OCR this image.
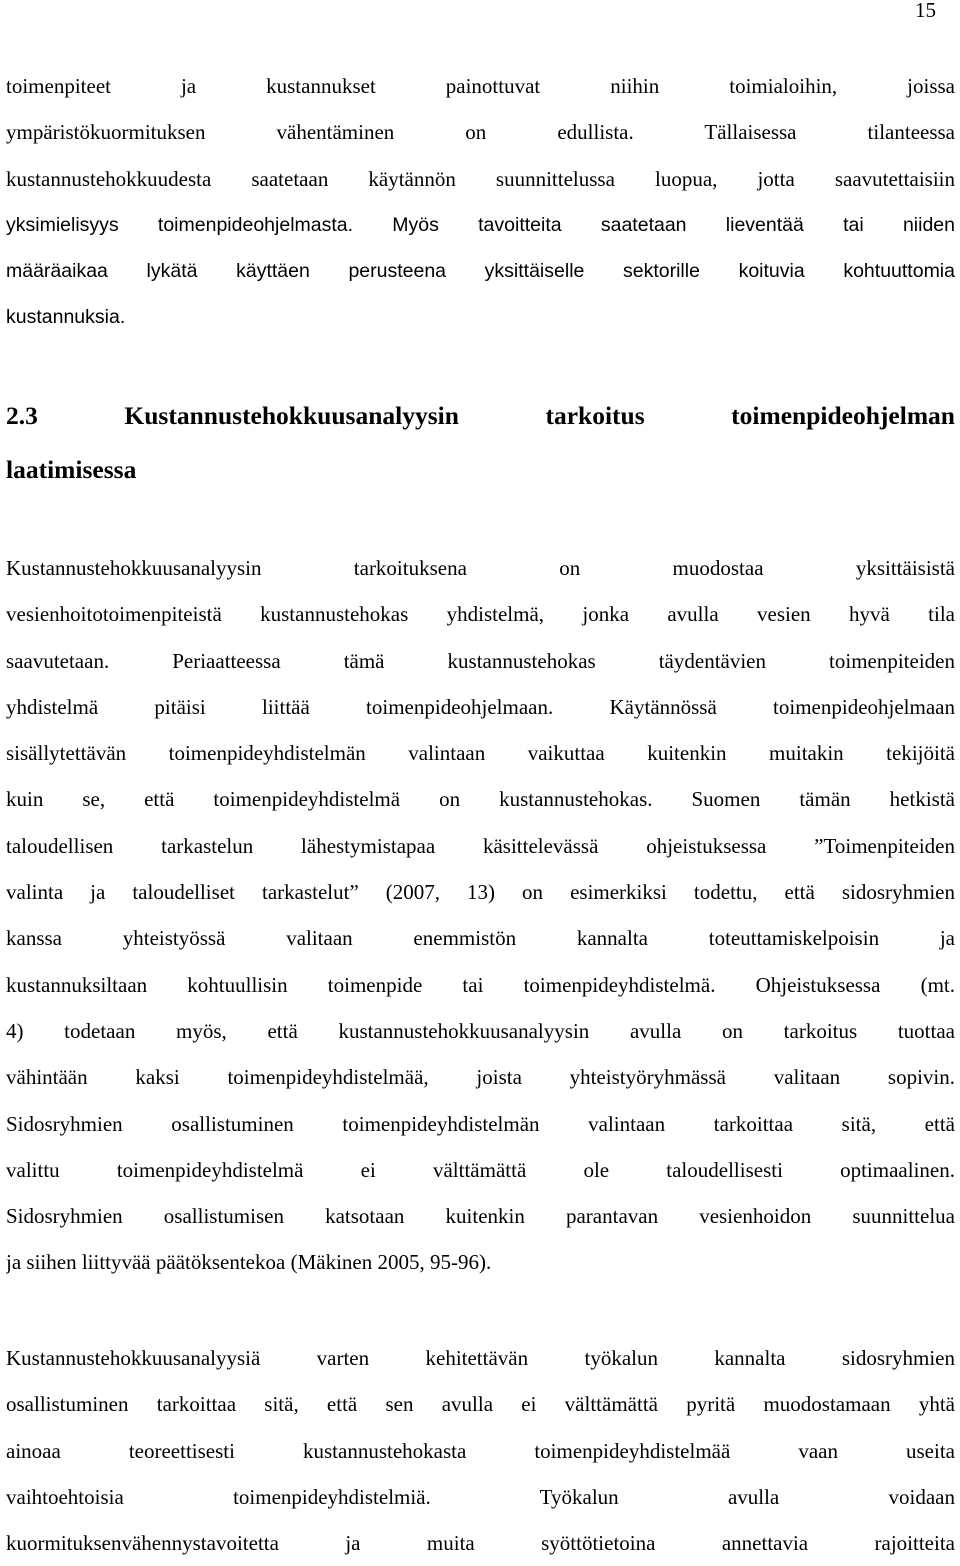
15
toimenpiteet ja kustannukset painottuvat niihin toimialoihin, joissa
ympäristökuormituksen vähentäminen on edullista. Tällaisessa tilanteessa
kustannustehokkuudesta saatetaan käytännön suunnittelussa luopua, jotta saavutettaisiin
yksimielisyys toimenpideohjelmasta. Myös tavoitteita saatetaan lieventää tai niiden
määräaikaa lykätä käyttäen perusteena yksittäiselle sektorille koituvia kohtuuttomia
kustannuksia.
2.3 Kustannustehokkuusanalyysin tarkoitus toimenpideohjelman
laatimisessa
Kustannustehokkuusanalyysin tarkoituksena on muodostaa yksittäisistä
vesienhoitotoimenpiteistä kustannustehokas yhdistelmä, jonka avulla vesien hyvä tila
saavutetaan. Periaatteessa tämä kustannustehokas täydentävien toimenpiteiden
yhdistelmä pitäisi liittää toimenpideohjelmaan. Käytännössä toimenpideohjelmaan
sisällytettävän toimenpideyhdistelmän valintaan vaikuttaa kuitenkin muitakin tekijöitä
kuin se, että toimenpideyhdistelmä on kustannustehokas. Suomen tämän hetkistä
taloudellisen tarkastelun lähestymistapaa käsittelevässä ohjeistuksessa ”Toimenpiteiden
valinta ja taloudelliset tarkastelut” (2007, 13) on esimerkiksi todettu, että sidosryhmien
kanssa yhteistyössä valitaan enemmistön kannalta toteuttamiskelpoisin ja
kustannuksiltaan kohtuullisin toimenpide tai toimenpideyhdistelmä. Ohjeistuksessa (mt.
4) todetaan myös, että kustannustehokkuusanalyysin avulla on tarkoitus tuottaa
vähintään kaksi toimenpideyhdistelmää, joista yhteistyöryhmässä valitaan sopivin.
Sidosryhmien osallistuminen toimenpideyhdistelmän valintaan tarkoittaa sitä, että
valittu toimenpideyhdistelmä ei välttämättä ole taloudellisesti optimaalinen.
Sidosryhmien osallistumisen katsotaan kuitenkin parantavan vesienhoidon suunnittelua
ja siihen liittyvää päätöksentekoa (Mäkinen 2005, 95-96).
Kustannustehokkuusanalyysiä varten kehitettävän työkalun kannalta sidosryhmien
osallistuminen tarkoittaa sitä, että sen avulla ei välttämättä pyritä muodostamaan yhtä
ainoaa teoreettisesti kustannustehokasta toimenpideyhdistelmää vaan useita
vaihtoehtoisia toimenpideyhdistelmiä. Työkalun avulla voidaan
kuormituksenvähennystavoitetta ja muita syöttötietoina annettavia rajoitteita
